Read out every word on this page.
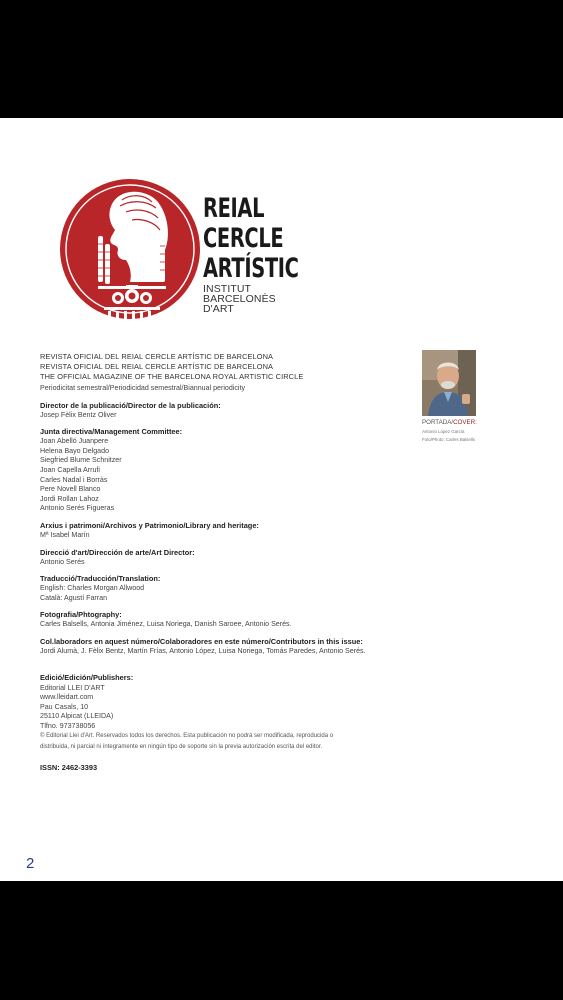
REIAL
CERCLE
ARTÍSTIC
INSTITUT
BARCELONÈS
D'ART
REVISTA OFICIAL DEL REIAL CERCLE ARTÍSTIC DE BARCELONA
REVISTA OFICIAL DEL REIAL CERCLE ARTÍSTIC DE BARCELONA
THE OFFICIAL MAGAZINE OF THE BARCELONA ROYAL ARTISTIC CIRCLE
Periodicitat semestral/Periodicidad semestral/Biannual periodicity
Director de la publicació/Director de la publicación:
Josep Fèlix Bentz Oliver
Junta directiva/Management Committee:
Joan Abelló Juanpere
Helena Bayo Delgado
Siegfried Blume Schnitzer
Joan Capella Arrufi
Carles Nadal i Borràs
Pere Novell Blanco
Jordi Rollan Lahoz
Antonio Serés Figueras
Arxius i patrimoni/Archivos y Patrimonio/Library and heritage:
Mª Isabel Marín
Direcció d'art/Dirección de arte/Art Director:
Antonio Serés
Traducció/Traducción/Translation:
English: Charles Morgan Allwood
Català: Agustí Farran
Fotografia/Phtography:
Carles Balsells, Antonia Jiménez, Luisa Noriega, Danish Saroee, Antonio Serés.
Col.laboradors en aquest número/Colaboradores en este número/Contributors in this issue:
Jordi Alumà, J. Fèlix Bentz, Martín Frías, Antonio López, Luisa Noriega, Tomás Paredes, Antonio Serés.
Edició/Edición/Publishers:
Editorial LLEI D'ART
www.lleidart.com
Pau Casals, 10
25110 Alpicat (LLEIDA)
Tlfno. 973738056
© Editorial Llei d'Art. Reservados todos los derechos. Esta publicación no podrá ser modificada, reproducida o
distribuida, ni parcial ni íntegramente en ningún tipo de soporte sin la previa autorización escrita del editor.
ISSN: 2462-3393
PORTADA/COVER:
Antonio López García
Foto/Photo: Carles Balsells
2
